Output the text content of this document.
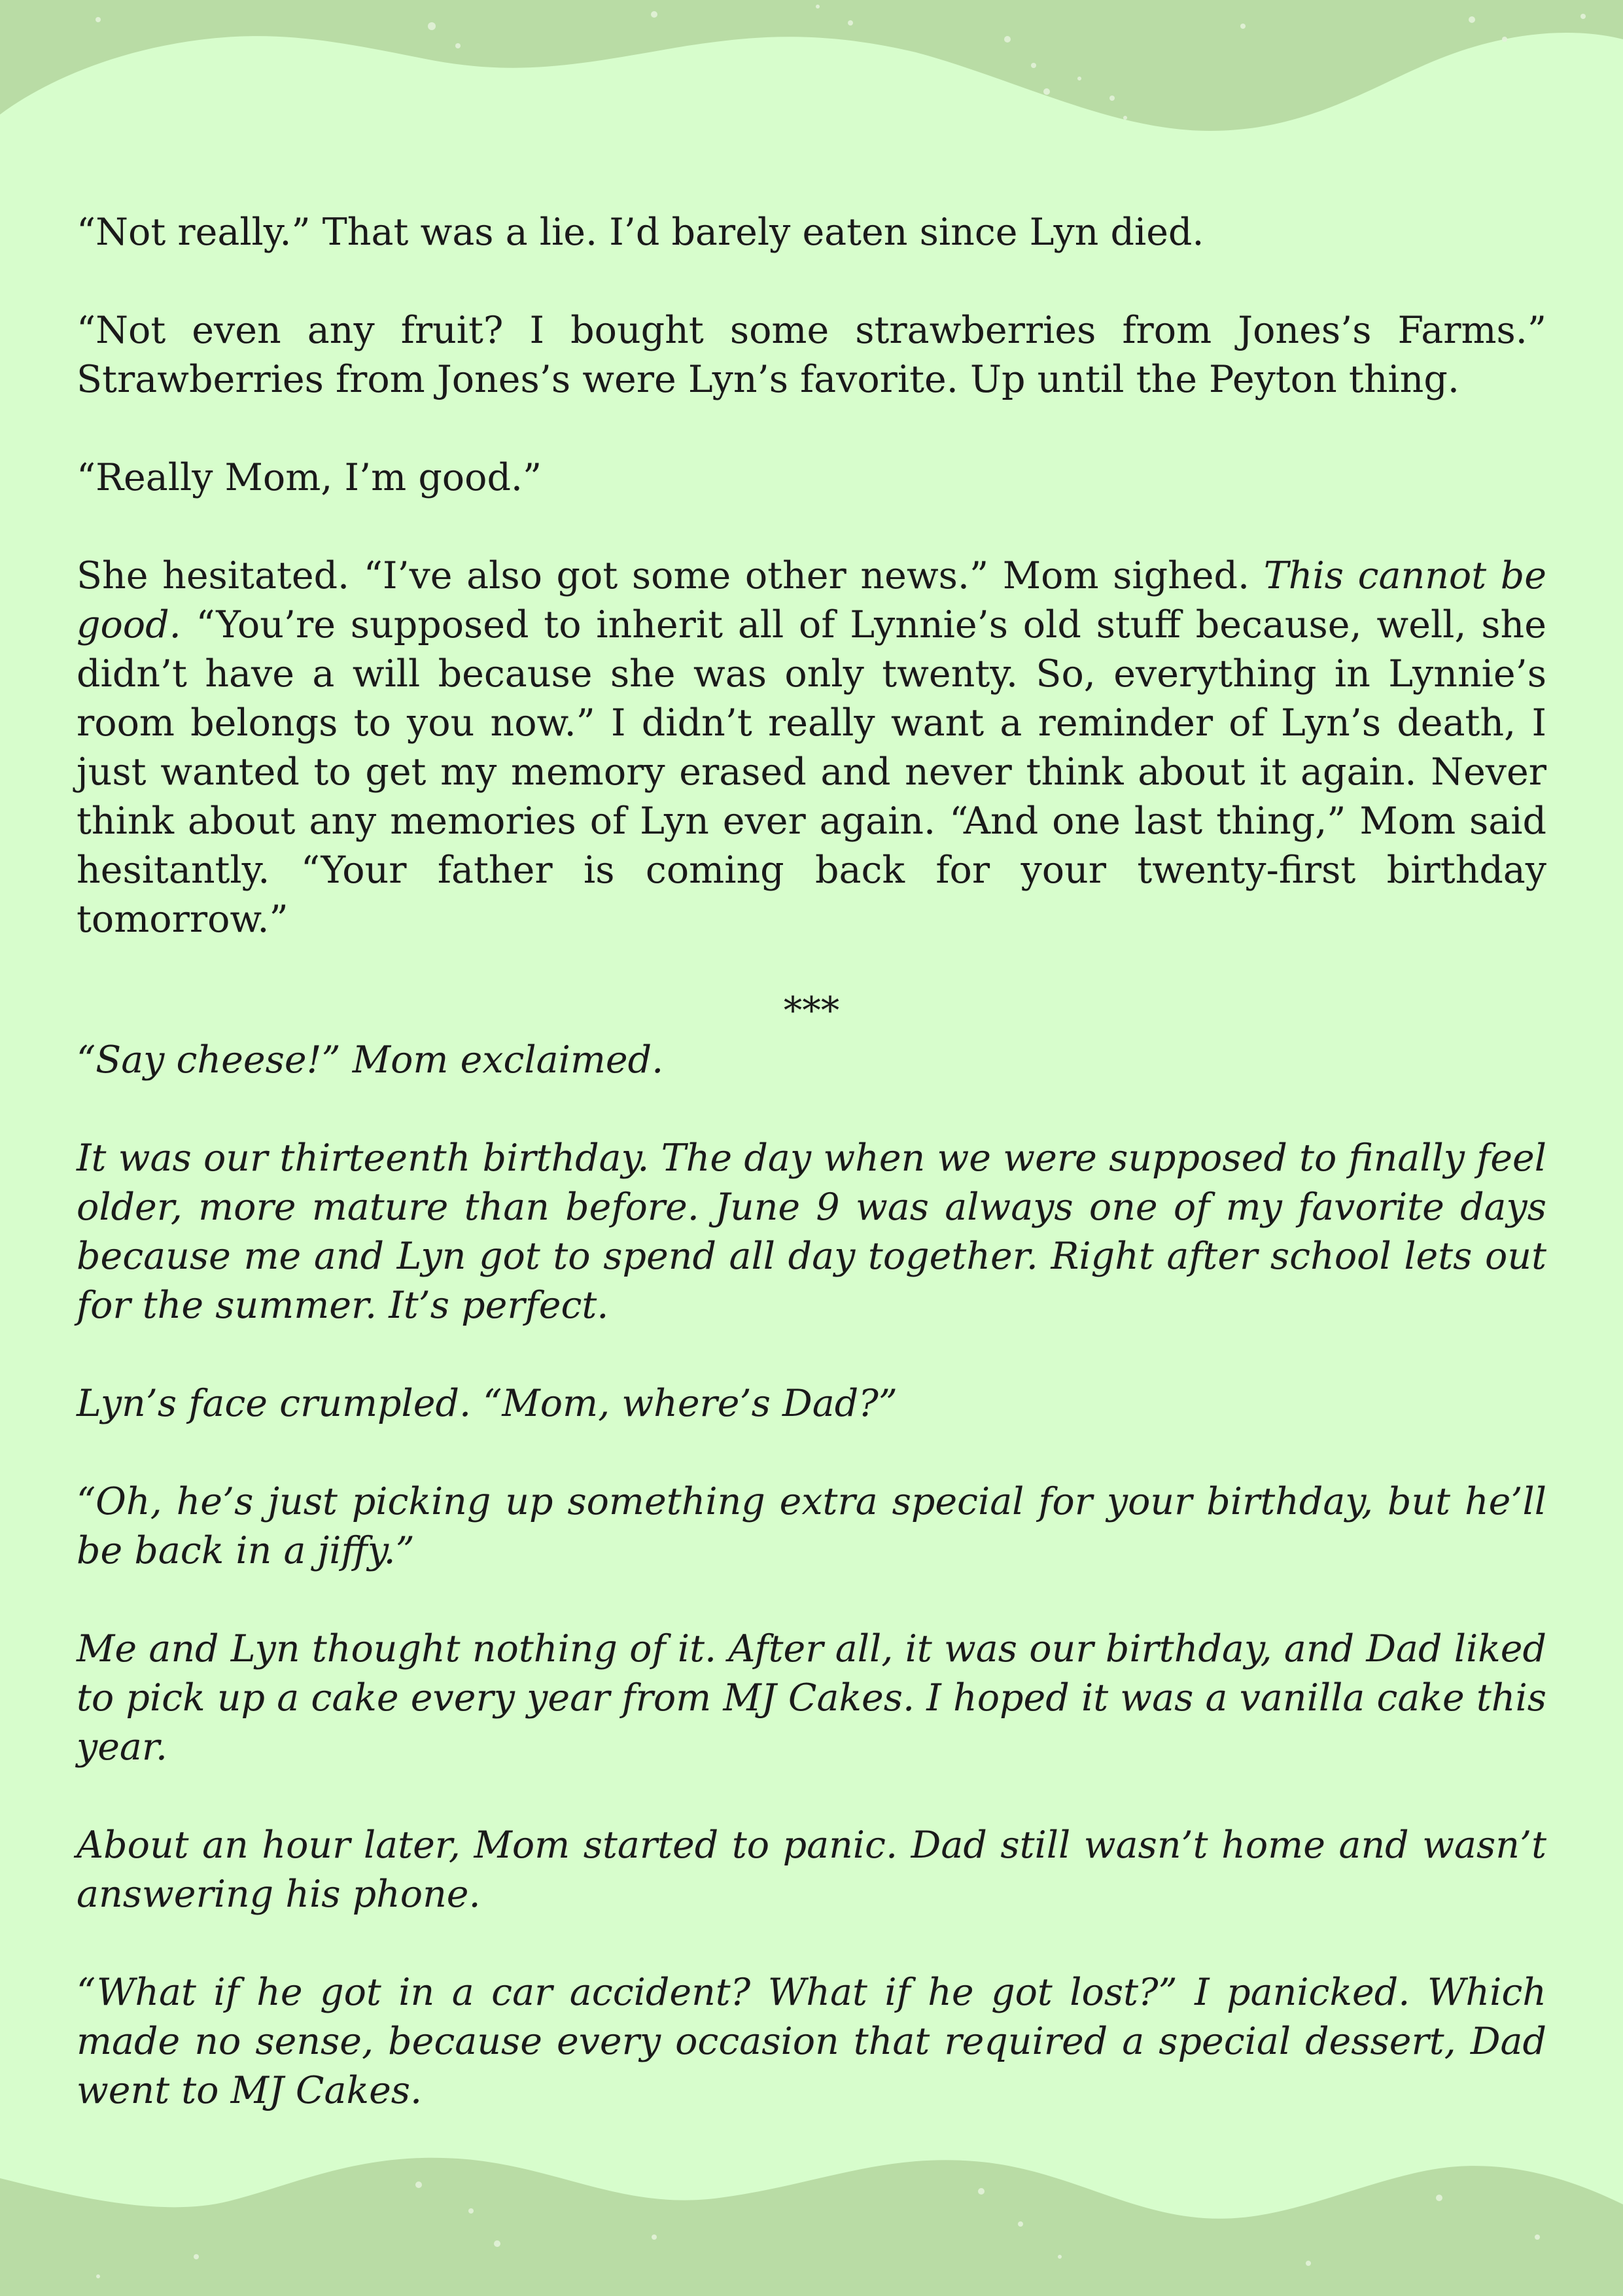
“Not really.” That was a lie. I’d barely eaten since Lyn died.

“Not even any fruit? I bought some strawberries from Jones’s Farms.” Strawberries from Jones’s were Lyn’s favorite. Up until the Peyton thing.

“Really Mom, I’m good.”

She hesitated. “I’ve also got some other news.” Mom sighed. This cannot be good. “You’re supposed to inherit all of Lynnie’s old stuff because, well, she didn’t have a will because she was only twenty. So, everything in Lynnie’s room belongs to you now.” I didn’t really want a reminder of Lyn’s death, I just wanted to get my memory erased and never think about it again. Never think about any memories of Lyn ever again. “And one last thing,” Mom said hesitantly. “Your father is coming back for your twenty-first birthday tomorrow.”

***

“Say cheese!” Mom exclaimed.

It was our thirteenth birthday. The day when we were supposed to finally feel older, more mature than before. June 9 was always one of my favorite days because me and Lyn got to spend all day together. Right after school lets out for the summer. It’s perfect.

Lyn’s face crumpled. “Mom, where’s Dad?”

“Oh, he’s just picking up something extra special for your birthday, but he’ll be back in a jiffy.”

Me and Lyn thought nothing of it. After all, it was our birthday, and Dad liked to pick up a cake every year from MJ Cakes. I hoped it was a vanilla cake this year.

About an hour later, Mom started to panic. Dad still wasn’t home and wasn’t answering his phone.

“What if he got in a car accident? What if he got lost?” I panicked. Which made no sense, because every occasion that required a special dessert, Dad went to MJ Cakes.
